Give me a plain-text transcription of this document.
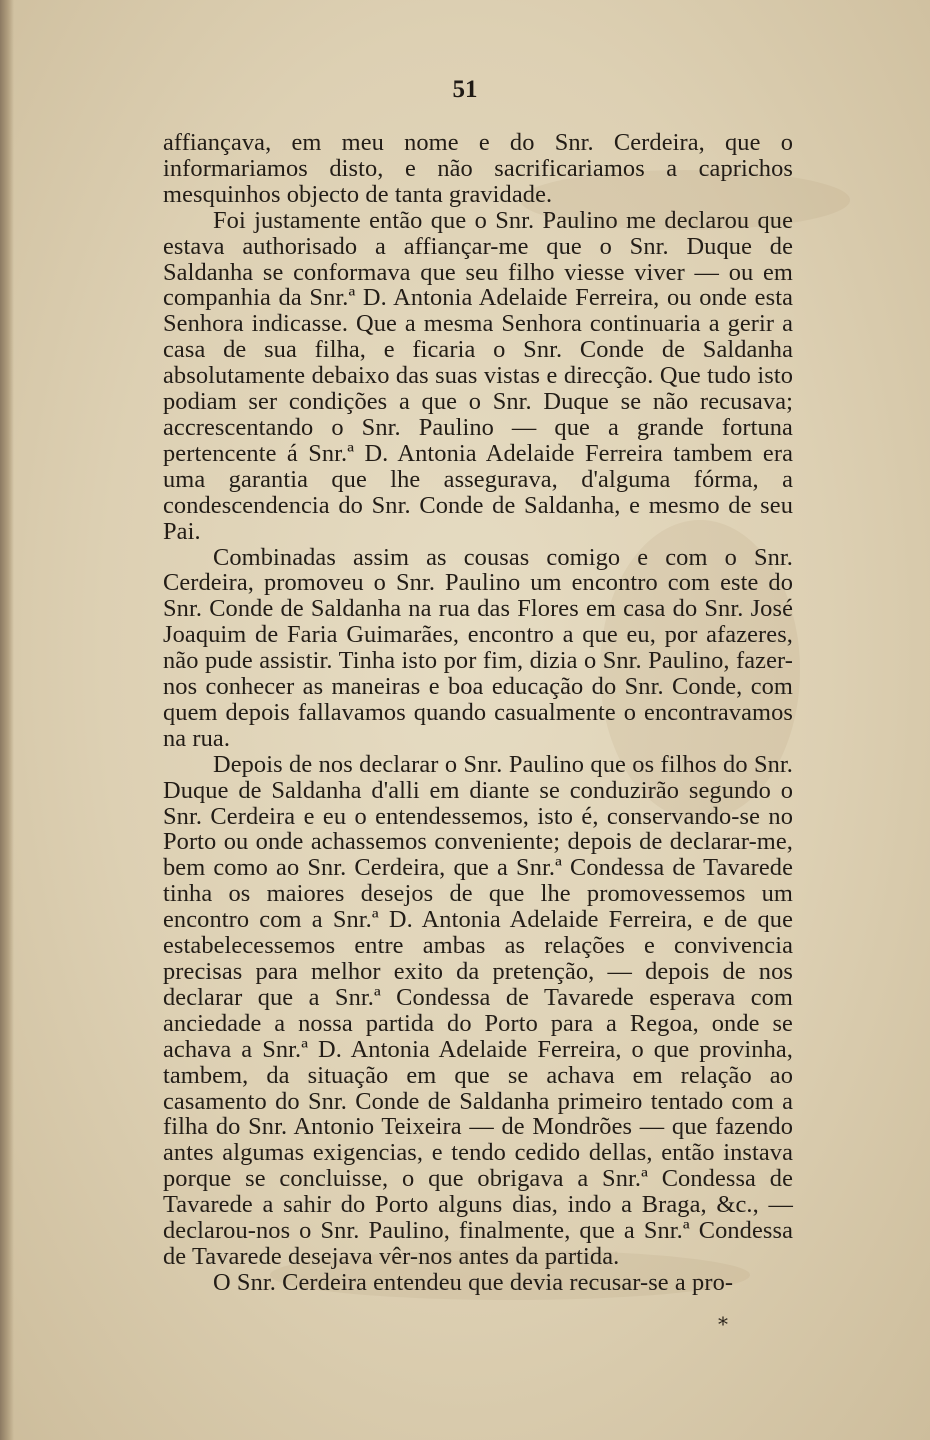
51

affiançava, em meu nome e do Snr. Cerdeira, que o informariamos disto, e não sacrificariamos a caprichos mesquinhos objecto de tanta gravidade.

Foi justamente então que o Snr. Paulino me declarou que estava authorisado a affiançar-me que o Snr. Duque de Saldanha se conformava que seu filho viesse viver — ou em companhia da Snr.ª D. Antonia Adelaide Ferreira, ou onde esta Senhora indicasse. Que a mesma Senhora continuaria a gerir a casa de sua filha, e ficaria o Snr. Conde de Saldanha absolutamente debaixo das suas vistas e direcção. Que tudo isto podiam ser condições a que o Snr. Duque se não recusava; accrescentando o Snr. Paulino — que a grande fortuna pertencente á Snr.ª D. Antonia Adelaide Ferreira tambem era uma garantia que lhe assegurava, d'alguma fórma, a condescendencia do Snr. Conde de Saldanha, e mesmo de seu Pai.

Combinadas assim as cousas comigo e com o Snr. Cerdeira, promoveu o Snr. Paulino um encontro com este do Snr. Conde de Saldanha na rua das Flores em casa do Snr. José Joaquim de Faria Guimarães, encontro a que eu, por afazeres, não pude assistir. Tinha isto por fim, dizia o Snr. Paulino, fazer-nos conhecer as maneiras e boa educação do Snr. Conde, com quem depois fallavamos quando casualmente o encontravamos na rua.

Depois de nos declarar o Snr. Paulino que os filhos do Snr. Duque de Saldanha d'alli em diante se conduzirão segundo o Snr. Cerdeira e eu o entendessemos, isto é, conservando-se no Porto ou onde achassemos conveniente; depois de declarar-me, bem como ao Snr. Cerdeira, que a Snr.ª Condessa de Tavarede tinha os maiores desejos de que lhe promovessemos um encontro com a Snr.ª D. Antonia Adelaide Ferreira, e de que estabelecessemos entre ambas as relações e convivencia precisas para melhor exito da pretenção, — depois de nos declarar que a Snr.ª Condessa de Tavarede esperava com anciedade a nossa partida do Porto para a Regoa, onde se achava a Snr.ª D. Antonia Adelaide Ferreira, o que provinha, tambem, da situação em que se achava em relação ao casamento do Snr. Conde de Saldanha primeiro tentado com a filha do Snr. Antonio Teixeira — de Mondrões — que fazendo antes algumas exigencias, e tendo cedido dellas, então instava porque se concluisse, o que obrigava a Snr.ª Condessa de Tavarede a sahir do Porto alguns dias, indo a Braga, &c., — declarou-nos o Snr. Paulino, finalmente, que a Snr.ª Condessa de Tavarede desejava vêr-nos antes da partida.

O Snr. Cerdeira entendeu que devia recusar-se a pro-

*
